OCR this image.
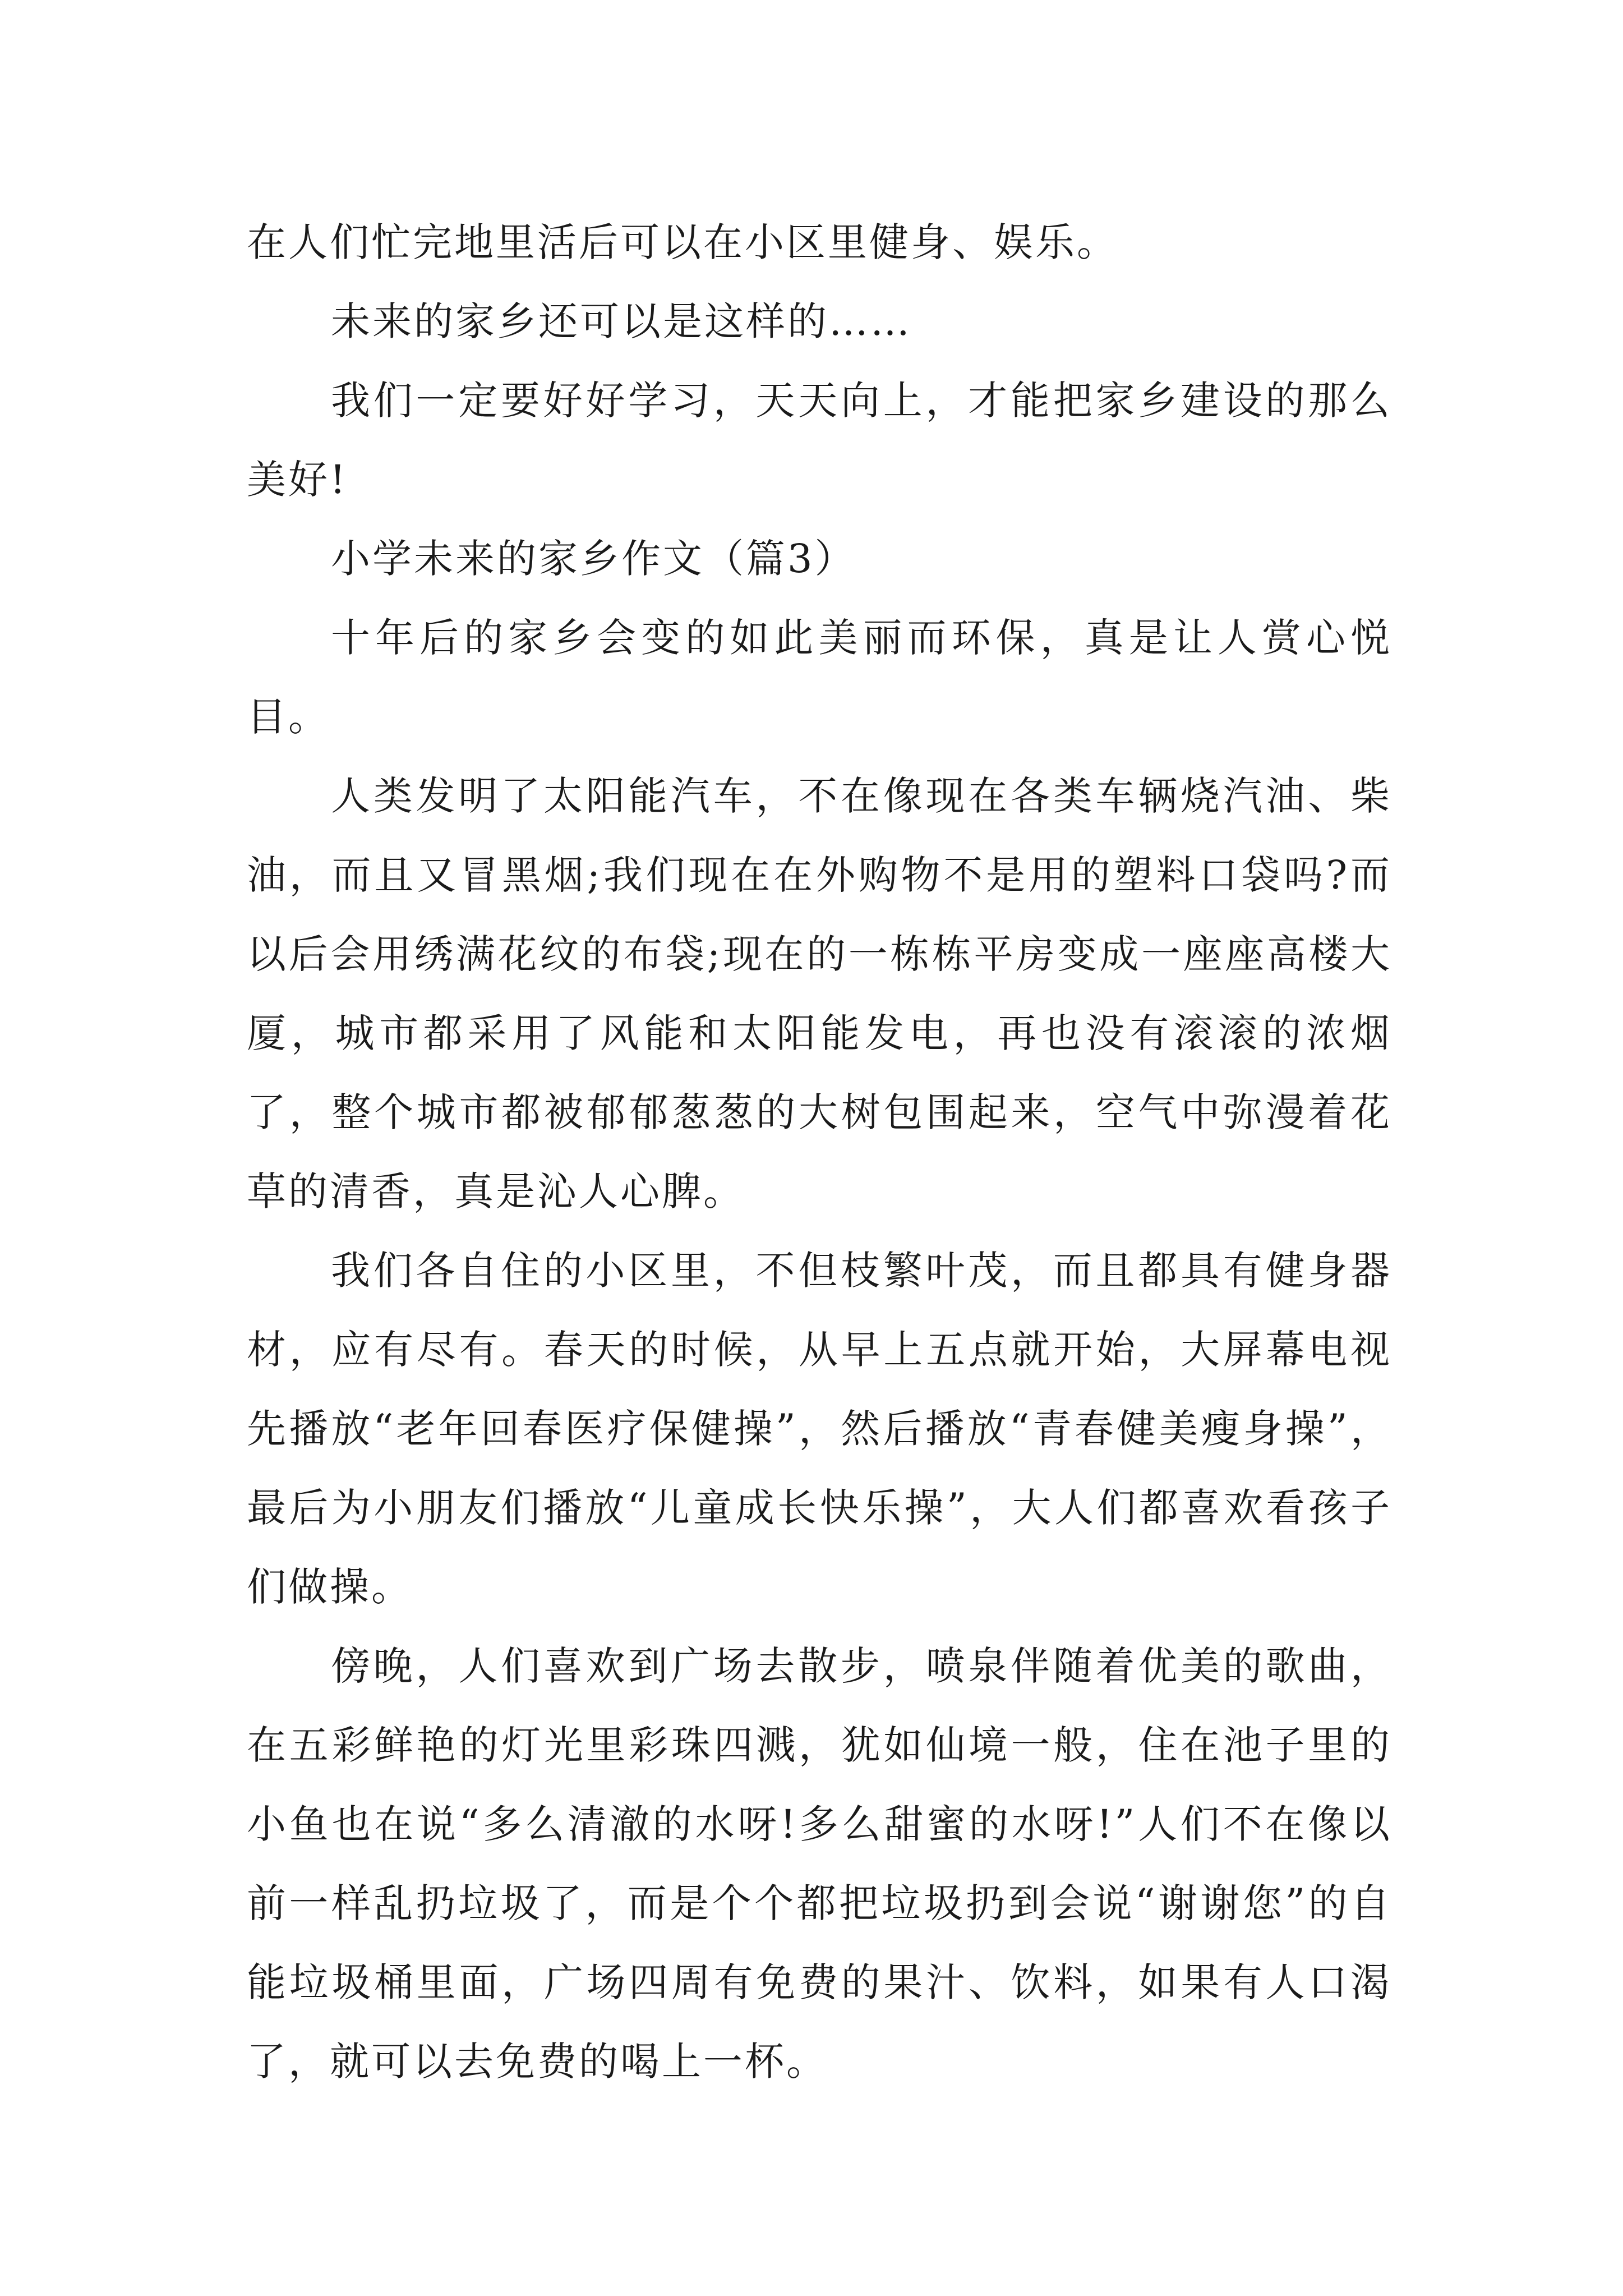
在人们忙完地里活后可以在小区里健身、娱乐。

未来的家乡还可以是这样的……

我们一定要好好学习，天天向上，才能把家乡建设的那么美好!

小学未来的家乡作文（篇3）

十年后的家乡会变的如此美丽而环保，真是让人赏心悦目。

人类发明了太阳能汽车，不在像现在各类车辆烧汽油、柴油，而且又冒黑烟;我们现在在外购物不是用的塑料口袋吗?而以后会用绣满花纹的布袋;现在的一栋栋平房变成一座座高楼大厦，城市都采用了风能和太阳能发电，再也没有滚滚的浓烟了，整个城市都被郁郁葱葱的大树包围起来，空气中弥漫着花草的清香，真是沁人心脾。

我们各自住的小区里，不但枝繁叶茂，而且都具有健身器材，应有尽有。春天的时候，从早上五点就开始，大屏幕电视先播放“老年回春医疗保健操”，然后播放“青春健美瘦身操”，最后为小朋友们播放“儿童成长快乐操”，大人们都喜欢看孩子们做操。

傍晚，人们喜欢到广场去散步，喷泉伴随着优美的歌曲，在五彩鲜艳的灯光里彩珠四溅，犹如仙境一般，住在池子里的小鱼也在说“多么清澈的水呀!多么甜蜜的水呀!”人们不在像以前一样乱扔垃圾了，而是个个都把垃圾扔到会说“谢谢您”的自能垃圾桶里面，广场四周有免费的果汁、饮料，如果有人口渴了，就可以去免费的喝上一杯。
